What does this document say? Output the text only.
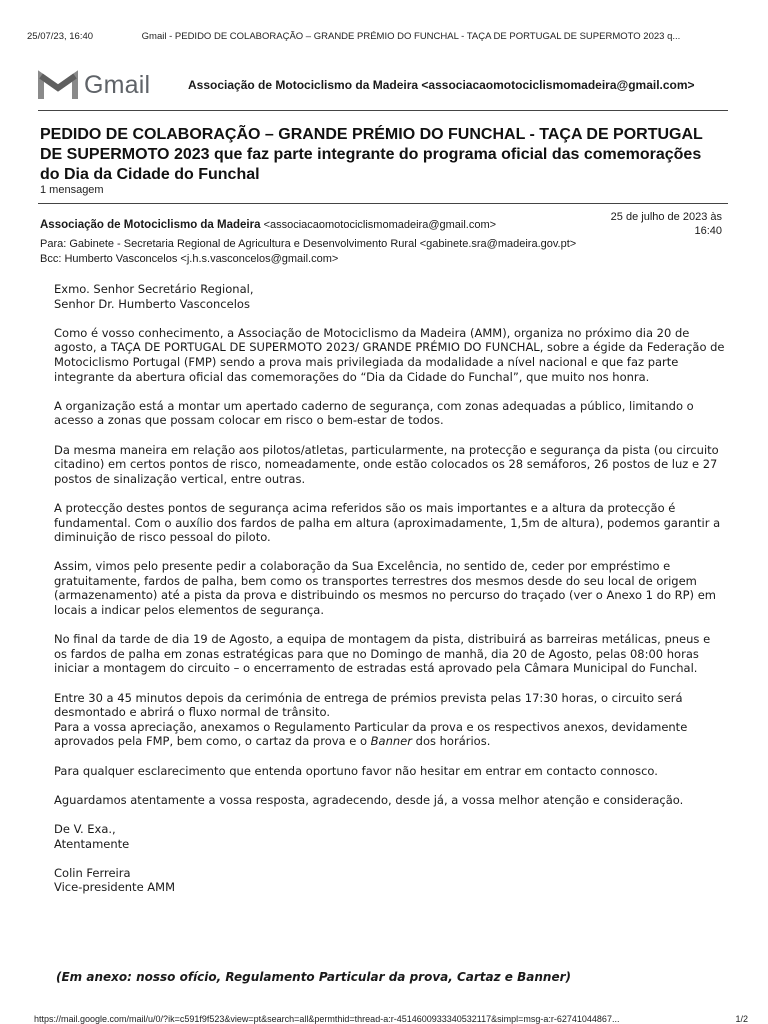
25/07/23, 16:40	Gmail - PEDIDO DE COLABORAÇÃO – GRANDE PRÉMIO DO FUNCHAL - TAÇA DE PORTUGAL DE SUPERMOTO 2023 q...
Gmail	Associação de Motociclismo da Madeira <associacaomotociclismomadeira@gmail.com>
PEDIDO DE COLABORAÇÃO – GRANDE PRÉMIO DO FUNCHAL - TAÇA DE PORTUGAL DE SUPERMOTO 2023 que faz parte integrante do programa oficial das comemorações do Dia da Cidade do Funchal
1 mensagem
Associação de Motociclismo da Madeira <associacaomotociclismomadeira@gmail.com>
25 de julho de 2023 às
16:40
Para: Gabinete - Secretaria Regional de Agricultura e Desenvolvimento Rural <gabinete.sra@madeira.gov.pt>
Bcc: Humberto Vasconcelos <j.h.s.vasconcelos@gmail.com>

Exmo. Senhor Secretário Regional,
Senhor Dr. Humberto Vasconcelos

Como é vosso conhecimento, a Associação de Motociclismo da Madeira (AMM), organiza no próximo dia 20 de agosto, a TAÇA DE PORTUGAL DE SUPERMOTO 2023/ GRANDE PRÉMIO DO FUNCHAL, sobre a égide da Federação de Motociclismo Portugal (FMP) sendo a prova mais privilegiada da modalidade a nível nacional e que faz parte integrante da abertura oficial das comemorações do “Dia da Cidade do Funchal”, que muito nos honra.

A organização está a montar um apertado caderno de segurança, com zonas adequadas a público, limitando o acesso a zonas que possam colocar em risco o bem-estar de todos.

Da mesma maneira em relação aos pilotos/atletas, particularmente, na protecção e segurança da pista (ou circuito citadino) em certos pontos de risco, nomeadamente, onde estão colocados os 28 semáforos, 26 postos de luz e 27 postos de sinalização vertical, entre outras.

A protecção destes pontos de segurança acima referidos são os mais importantes e a altura da protecção é fundamental. Com o auxílio dos fardos de palha em altura (aproximadamente, 1,5m de altura), podemos garantir a diminuição de risco pessoal do piloto.

Assim, vimos pelo presente pedir a colaboração da Sua Excelência, no sentido de, ceder por empréstimo e gratuitamente, fardos de palha, bem como os transportes terrestres dos mesmos desde do seu local de origem (armazenamento) até a pista da prova e distribuindo os mesmos no percurso do traçado (ver o Anexo 1 do RP) em locais a indicar pelos elementos de segurança.

No final da tarde de dia 19 de Agosto, a equipa de montagem da pista, distribuirá as barreiras metálicas, pneus e os fardos de palha em zonas estratégicas para que no Domingo de manhã, dia 20 de Agosto, pelas 08:00 horas iniciar a montagem do circuito – o encerramento de estradas está aprovado pela Câmara Municipal do Funchal.

Entre 30 a 45 minutos depois da cerimónia de entrega de prémios prevista pelas 17:30 horas, o circuito será desmontado e abrirá o fluxo normal de trânsito.
Para a vossa apreciação, anexamos o Regulamento Particular da prova e os respectivos anexos, devidamente aprovados pela FMP, bem como, o cartaz da prova e o Banner dos horários.

Para qualquer esclarecimento que entenda oportuno favor não hesitar em entrar em contacto connosco.

Aguardamos atentamente a vossa resposta, agradecendo, desde já, a vossa melhor atenção e consideração.

De V. Exa.,
Atentamente

Colin Ferreira
Vice-presidente AMM

(Em anexo: nosso ofício, Regulamento Particular da prova, Cartaz e Banner)
https://mail.google.com/mail/u/0/?ik=c591f9f523&view=pt&search=all&permthid=thread-a:r-4514600933340532117&simpl=msg-a:r-62741044867...	1/2
